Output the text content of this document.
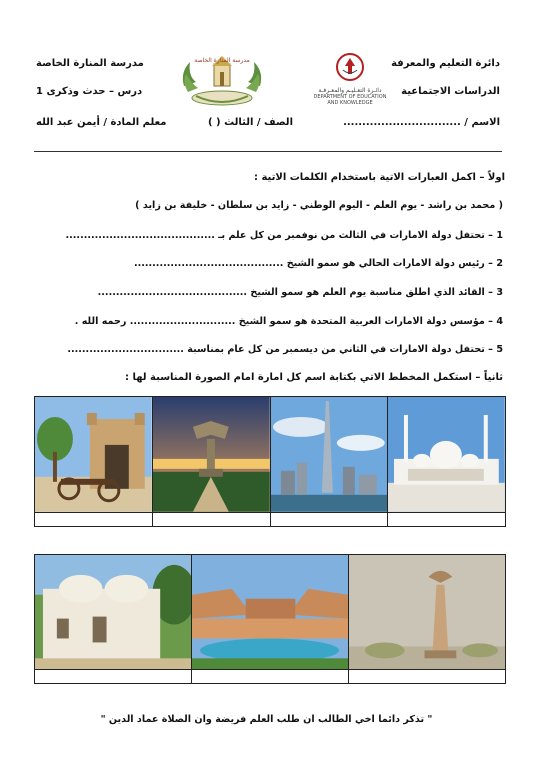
دائرة التعليم والمعرفة
الدراسات الاجتماعية
الاسم / ...............................
الصف / الثالث ( )
مدرسة المنارة الخاصة
درس – حدث وذكرى 1
معلم المادة / أيمن عبد الله
مدرسة المنارة الخاصة
دائـرة التعـليـم والمعـرفـة
DEPARTMENT OF EDUCATION
AND KNOWLEDGE
اولاً – اكمل العبارات الاتية باستخدام الكلمات الاتية :
( محمد بن راشد - يوم العلم - اليوم الوطني - زايد بن سلطان - خليفة بن زايد )
1 – تحتفل دولة الامارات في الثالث من نوفمبر من كل علم بـ .........................................
2 – رئيس دولة الامارات الحالي هو سمو الشيخ .........................................
3 – القائد الذي اطلق مناسبة يوم العلم هو سمو الشيخ .........................................
4 – مؤسس دولة الامارات العربية المتحدة هو سمو الشيخ ............................. رحمه الله .
5 – تحتفل دولة الامارات في الثاني من ديسمبر من كل عام بمناسبة ................................
ثانياً – استكمل المخطط الاتي بكتابة اسم كل امارة امام الصورة المناسبة لها :

" تذكر دائما اخي الطالب ان طلب العلم فريضة وان الصلاة عماد الدين "
